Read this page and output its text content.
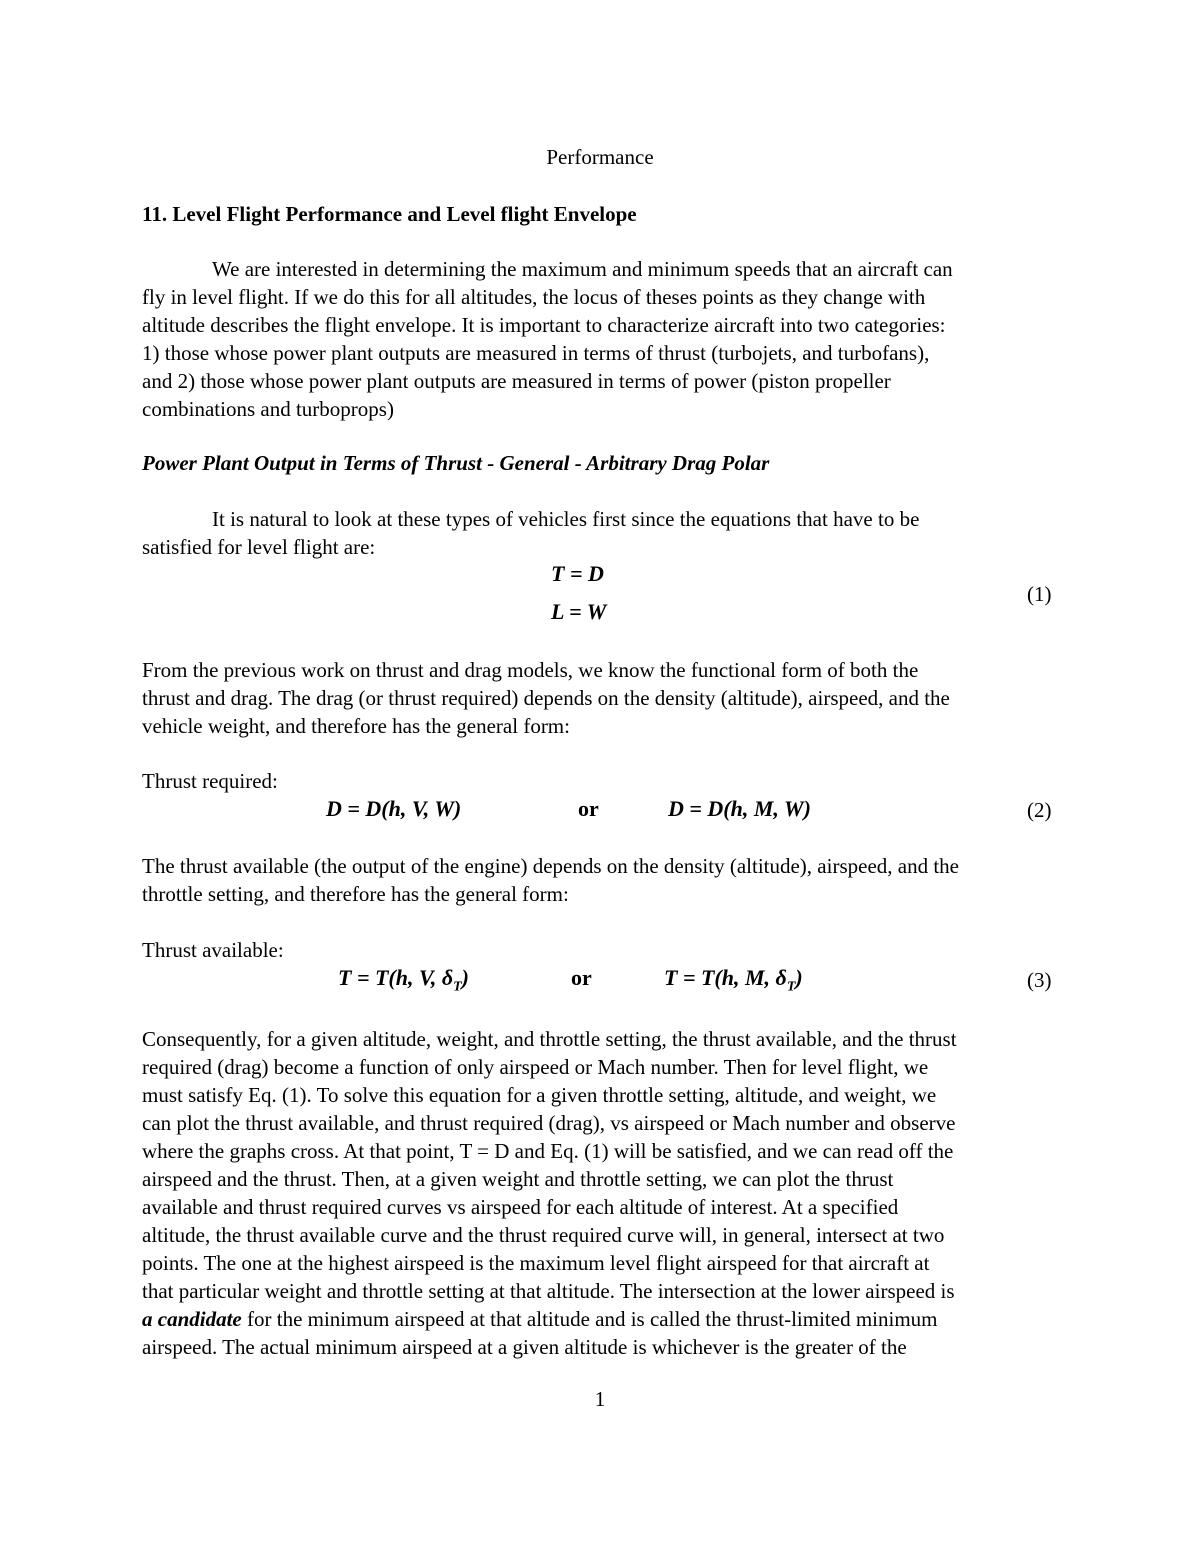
Performance
11. Level Flight Performance and Level flight Envelope
We are interested in determining the maximum and minimum speeds that an aircraft can
fly in level flight. If we do this for all altitudes, the locus of theses points as they change with
altitude describes the flight envelope. It is important to characterize aircraft into two categories:
1) those whose power plant outputs are measured in terms of thrust (turbojets, and turbofans),
and 2) those whose power plant outputs are measured in terms of power (piston propeller
combinations and turboprops)
Power Plant Output in Terms of Thrust - General - Arbitrary Drag Polar
It is natural to look at these types of vehicles first since the equations that have to be
satisfied for level flight are:
T = D
L = W
(1)
From the previous work on thrust and drag models, we know the functional form of both the
thrust and drag. The drag (or thrust required) depends on the density (altitude), airspeed, and the
vehicle weight, and therefore has the general form:
Thrust required:
D = D(h, V, W)	or	D = D(h, M, W)	(2)
The thrust available (the output of the engine) depends on the density (altitude), airspeed, and the
throttle setting, and therefore has the general form:
Thrust available:
T = T(h, V, $\delta_T$)	or	T = T(h, M, $\delta_T$)	(3)
Consequently, for a given altitude, weight, and throttle setting, the thrust available, and the thrust
required (drag) become a function of only airspeed or Mach number. Then for level flight, we
must satisfy Eq. (1). To solve this equation for a given throttle setting, altitude, and weight, we
can plot the thrust available, and thrust required (drag), vs airspeed or Mach number and observe
where the graphs cross. At that point, T = D and Eq. (1) will be satisfied, and we can read off the
airspeed and the thrust. Then, at a given weight and throttle setting, we can plot the thrust
available and thrust required curves vs airspeed for each altitude of interest. At a specified
altitude, the thrust available curve and the thrust required curve will, in general, intersect at two
points. The one at the highest airspeed is the maximum level flight airspeed for that aircraft at
that particular weight and throttle setting at that altitude. The intersection at the lower airspeed is
a candidate for the minimum airspeed at that altitude and is called the thrust-limited minimum
airspeed. The actual minimum airspeed at a given altitude is whichever is the greater of the
1
